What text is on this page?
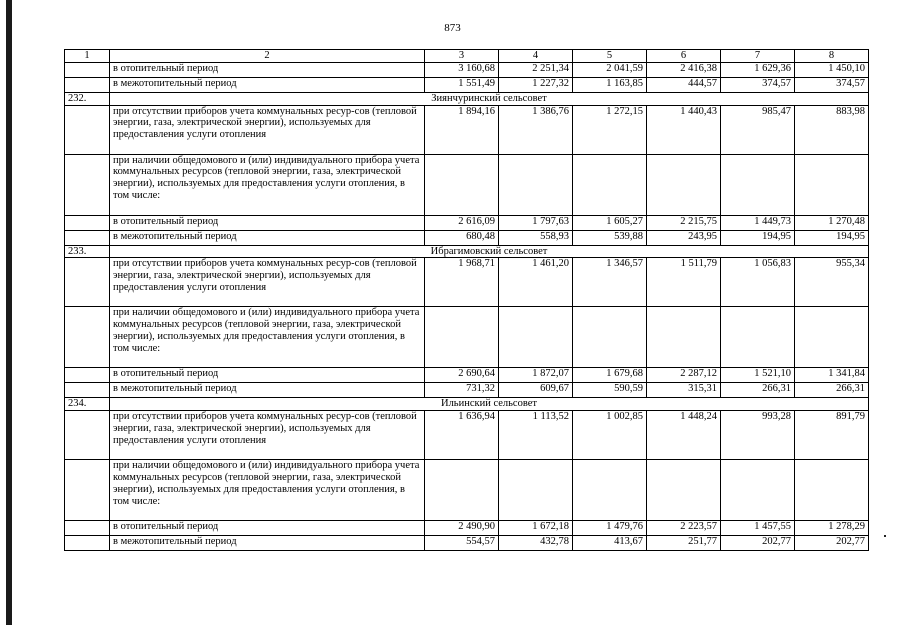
873
1	2	3	4	5	6	7	8
	в отопительный период	3 160,68	2 251,34	2 041,59	2 416,38	1 629,36	1 450,10
	в межотопительный период	1 551,49	1 227,32	1 163,85	444,57	374,57	374,57
232.	Зиянчуринский сельсовет						
	при отсутствии приборов учета коммунальных ресур-сов (тепловой энергии, газа, электрической энергии), используемых для предоставления услуги отопления	1 894,16	1 386,76	1 272,15	1 440,43	985,47	883,98
	при наличии общедомового и (или) индивидуального прибора учета коммунальных ресурсов (тепловой энергии, газа, электрической энергии), используемых для предоставления услуги отопления, в том числе:						
	в отопительный период	2 616,09	1 797,63	1 605,27	2 215,75	1 449,73	1 270,48
	в межотопительный период	680,48	558,93	539,88	243,95	194,95	194,95
233.	Ибрагимовский сельсовет						
	при отсутствии приборов учета коммунальных ресур-сов (тепловой энергии, газа, электрической энергии), используемых для предоставления услуги отопления	1 968,71	1 461,20	1 346,57	1 511,79	1 056,83	955,34
	при наличии общедомового и (или) индивидуального прибора учета коммунальных ресурсов (тепловой энергии, газа, электрической энергии), используемых для предоставления услуги отопления, в том числе:						
	в отопительный период	2 690,64	1 872,07	1 679,68	2 287,12	1 521,10	1 341,84
	в межотопительный период	731,32	609,67	590,59	315,31	266,31	266,31
234.	Ильинский сельсовет						
	при отсутствии приборов учета коммунальных ресур-сов (тепловой энергии, газа, электрической энергии), используемых для предоставления услуги отопления	1 636,94	1 113,52	1 002,85	1 448,24	993,28	891,79
	при наличии общедомового и (или) индивидуального прибора учета коммунальных ресурсов (тепловой энергии, газа, электрической энергии), используемых для предоставления услуги отопления, в том числе:						
	в отопительный период	2 490,90	1 672,18	1 479,76	2 223,57	1 457,55	1 278,29
	в межотопительный период	554,57	432,78	413,67	251,77	202,77	202,77
